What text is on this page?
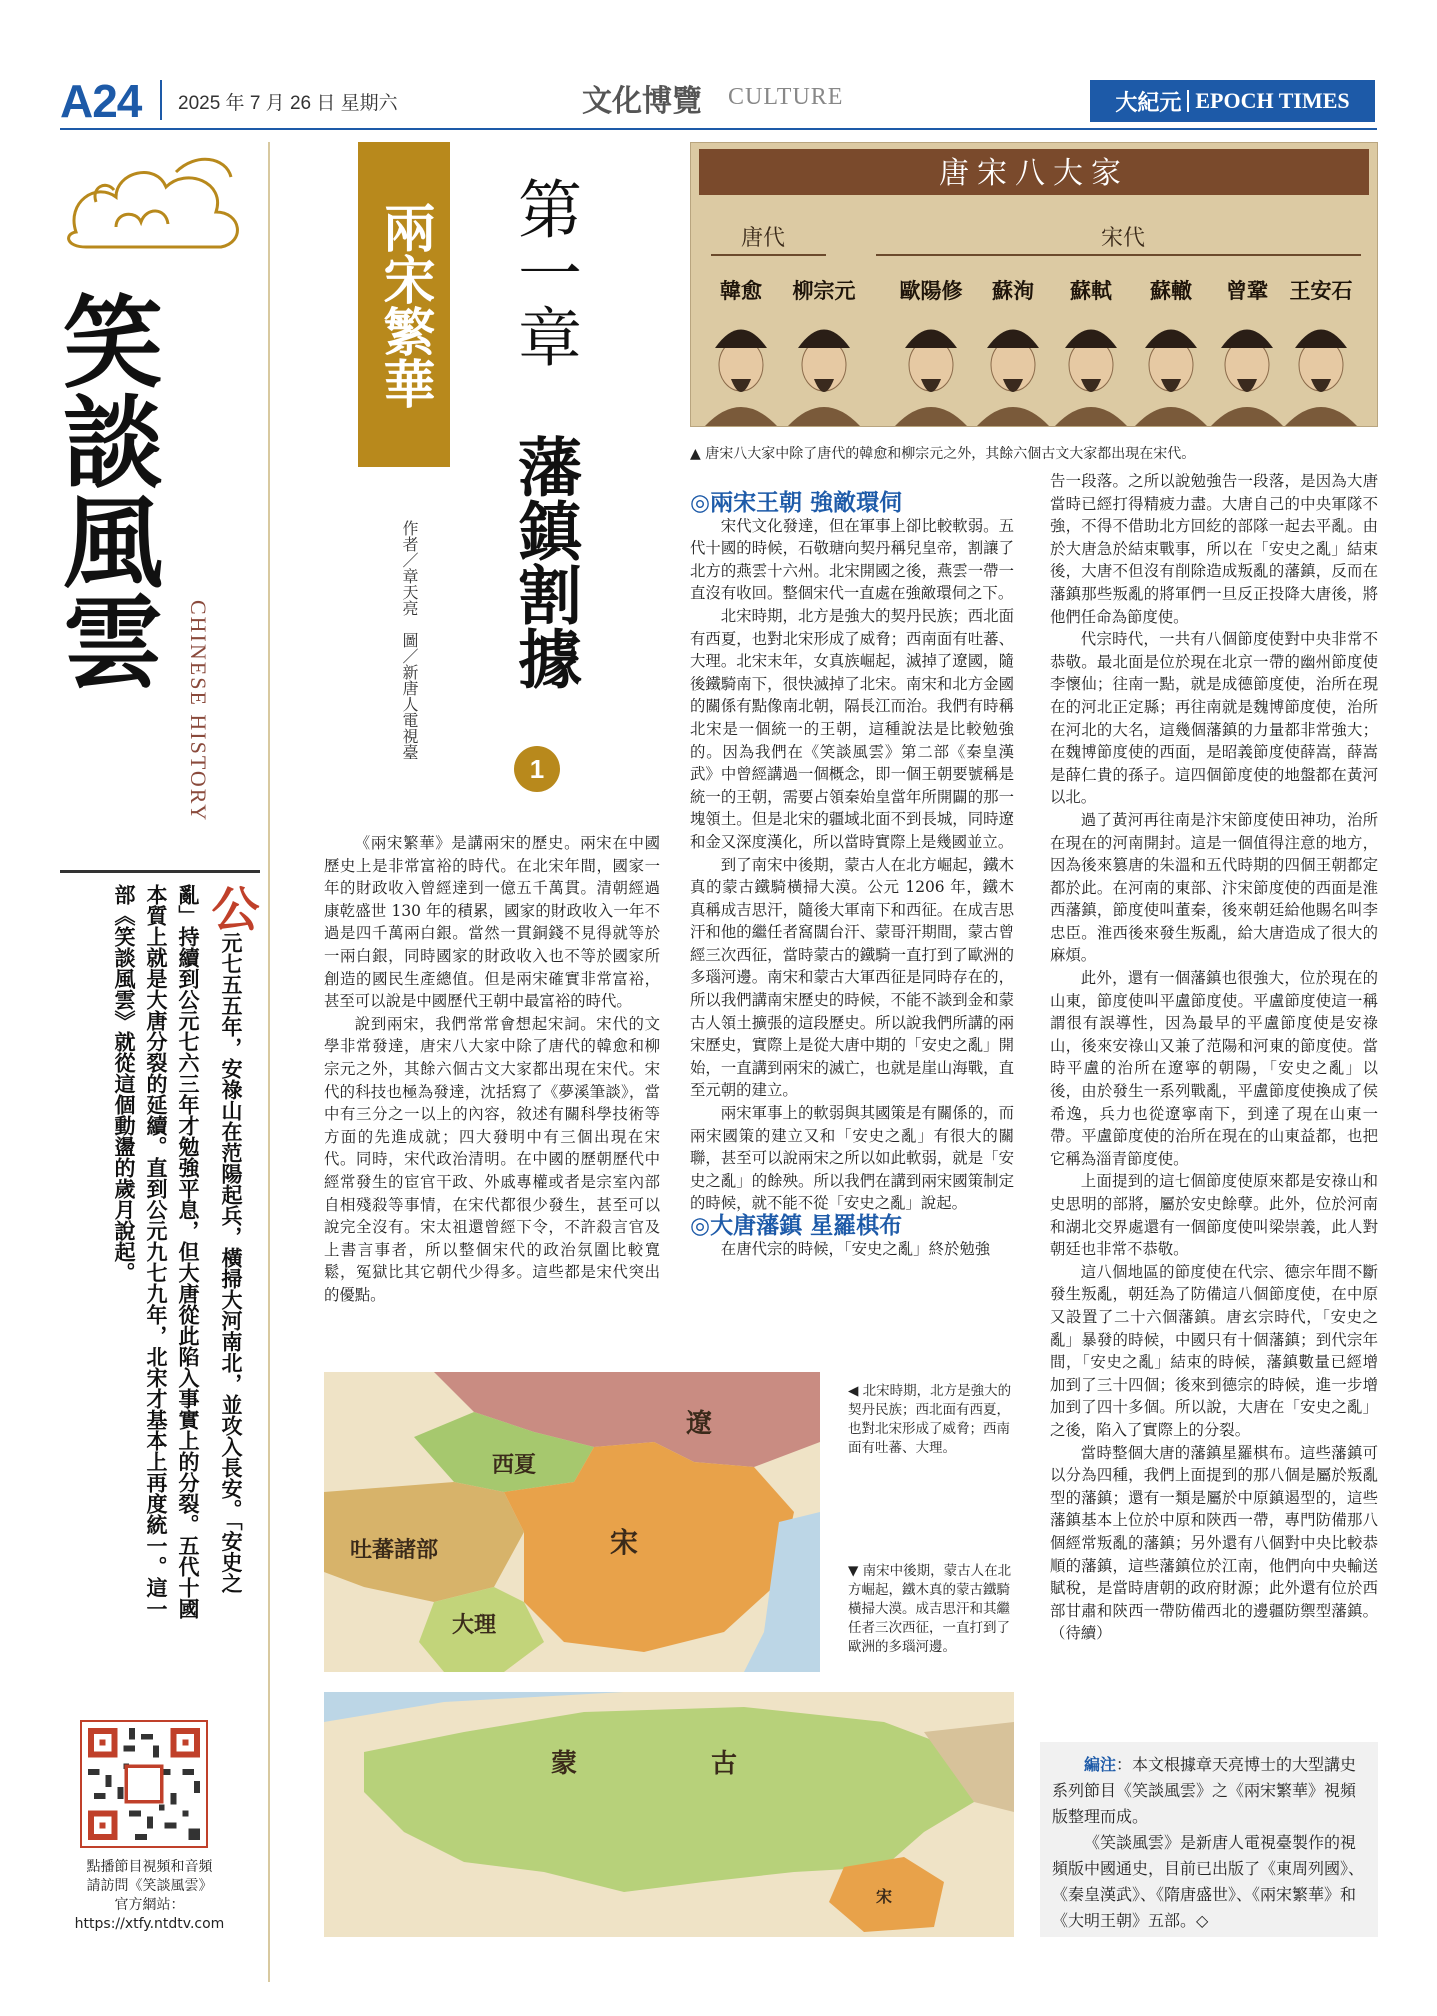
A24 2025 年 7 月 26 日 星期六	文化博覽 CULTURE	大紀元 EPOCH TIMES
笑談風雲
CHINESE HISTORY
公元七五五年，安祿山在范陽起兵，橫掃大河南北，並攻入長安。「安史之亂」持續到公元七六三年才勉強平息，但大唐從此陷入事實上的分裂。五代十國本質上就是大唐分裂的延續。直到公元九七九年，北宋才基本上再度統一。這一部《笑談風雲》就從這個動盪的歲月說起。
點播節目視頻和音頻
請訪問《笑談風雲》
官方網站：
https://xtfy.ntdtv.com
兩宋繁華 第一章
藩鎮割據
1
作者／章天亮　圖／新唐人電視臺
唐宋八大家
唐代	宋代
韓愈 柳宗元 歐陽修 蘇洵 蘇軾 蘇轍 曾鞏 王安石
▲ 唐宋八大家中除了唐代的韓愈和柳宗元之外，其餘六個古文大家都出現在宋代。

《兩宋繁華》是講兩宋的歷史。兩宋在中國歷史上是非常富裕的時代。在北宋年間，國家一年的財政收入曾經達到一億五千萬貫。清朝經過康乾盛世 130 年的積累，國家的財政收入一年不過是四千萬兩白銀。當然一貫銅錢不見得就等於一兩白銀，同時國家的財政收入也不等於國家所創造的國民生產總值。但是兩宋確實非常富裕，甚至可以說是中國歷代王朝中最富裕的時代。

說到兩宋，我們常常會想起宋詞。宋代的文學非常發達，唐宋八大家中除了唐代的韓愈和柳宗元之外，其餘六個古文大家都出現在宋代。宋代的科技也極為發達，沈括寫了《夢溪筆談》，當中有三分之一以上的內容，敘述有關科學技術等方面的先進成就；四大發明中有三個出現在宋代。同時，宋代政治清明。在中國的歷朝歷代中經常發生的宦官干政、外戚專權或者是宗室內部自相殘殺等事情，在宋代都很少發生，甚至可以說完全沒有。宋太祖還曾經下令，不許殺言官及上書言事者，所以整個宋代的政治氛圍比較寬鬆，冤獄比其它朝代少得多。這些都是宋代突出的優點。

◎兩宋王朝 強敵環伺

宋代文化發達，但在軍事上卻比較軟弱。五代十國的時候，石敬瑭向契丹稱兒皇帝，割讓了北方的燕雲十六州。北宋開國之後，燕雲一帶一直沒有收回。整個宋代一直處在強敵環伺之下。

北宋時期，北方是強大的契丹民族；西北面有西夏，也對北宋形成了威脅；西南面有吐蕃、大理。北宋末年，女真族崛起，滅掉了遼國，隨後鐵騎南下，很快滅掉了北宋。南宋和北方金國的關係有點像南北朝，隔長江而治。我們有時稱北宋是一個統一的王朝，這種說法是比較勉強的。因為我們在《笑談風雲》第二部《秦皇漢武》中曾經講過一個概念，即一個王朝要號稱是統一的王朝，需要占領秦始皇當年所開闢的那一塊領土。但是北宋的疆域北面不到長城，同時遼和金又深度漢化，所以當時實際上是幾國並立。

到了南宋中後期，蒙古人在北方崛起，鐵木真的蒙古鐵騎橫掃大漠。公元 1206 年，鐵木真稱成吉思汗，隨後大軍南下和西征。在成吉思汗和他的繼任者窩闊台汗、蒙哥汗期間，蒙古曾經三次西征，當時蒙古的鐵騎一直打到了歐洲的多瑙河邊。南宋和蒙古大軍西征是同時存在的，所以我們講南宋歷史的時候，不能不談到金和蒙古人領土擴張的這段歷史。所以說我們所講的兩宋歷史，實際上是從大唐中期的「安史之亂」開始，一直講到兩宋的滅亡，也就是崖山海戰，直至元朝的建立。

兩宋軍事上的軟弱與其國策是有關係的，而兩宋國策的建立又和「安史之亂」有很大的關聯，甚至可以說兩宋之所以如此軟弱，就是「安史之亂」的餘殃。所以我們在講到兩宋國策制定的時候，就不能不從「安史之亂」說起。

◎大唐藩鎮 星羅棋布

在唐代宗的時候，「安史之亂」終於勉強

告一段落。之所以說勉強告一段落，是因為大唐當時已經打得精疲力盡。大唐自己的中央軍隊不強，不得不借助北方回紇的部隊一起去平亂。由於大唐急於結束戰事，所以在「安史之亂」結束後，大唐不但沒有削除造成叛亂的藩鎮，反而在藩鎮那些叛亂的將軍們一旦反正投降大唐後，將他們任命為節度使。

代宗時代，一共有八個節度使對中央非常不恭敬。最北面是位於現在北京一帶的幽州節度使李懷仙；往南一點，就是成德節度使，治所在現在的河北正定縣；再往南就是魏博節度使，治所在河北的大名，這幾個藩鎮的力量都非常強大；在魏博節度使的西面，是昭義節度使薛嵩，薛嵩是薛仁貴的孫子。這四個節度使的地盤都在黃河以北。

過了黃河再往南是汴宋節度使田神功，治所在現在的河南開封。這是一個值得注意的地方，因為後來篡唐的朱溫和五代時期的四個王朝都定都於此。在河南的東部、汴宋節度使的西面是淮西藩鎮，節度使叫董秦，後來朝廷給他賜名叫李忠臣。淮西後來發生叛亂，給大唐造成了很大的麻煩。

此外，還有一個藩鎮也很強大，位於現在的山東，節度使叫平盧節度使。平盧節度使這一稱謂很有誤導性，因為最早的平盧節度使是安祿山，後來安祿山又兼了范陽和河東的節度使。當時平盧的治所在遼寧的朝陽，「安史之亂」以後，由於發生一系列戰亂，平盧節度使換成了侯希逸，兵力也從遼寧南下，到達了現在山東一帶。平盧節度使的治所在現在的山東益都，也把它稱為淄青節度使。

上面提到的這七個節度使原來都是安祿山和史思明的部將，屬於安史餘孽。此外，位於河南和湖北交界處還有一個節度使叫梁崇義，此人對朝廷也非常不恭敬。

這八個地區的節度使在代宗、德宗年間不斷發生叛亂，朝廷為了防備這八個節度使，在中原又設置了二十六個藩鎮。唐玄宗時代，「安史之亂」暴發的時候，中國只有十個藩鎮；到代宗年間，「安史之亂」結束的時候，藩鎮數量已經增加到了三十四個；後來到德宗的時候，進一步增加到了四十多個。所以說，大唐在「安史之亂」之後，陷入了實際上的分裂。

當時整個大唐的藩鎮星羅棋布。這些藩鎮可以分為四種，我們上面提到的那八個是屬於叛亂型的藩鎮；還有一類是屬於中原鎮遏型的，這些藩鎮基本上位於中原和陝西一帶，專門防備那八個經常叛亂的藩鎮；另外還有八個對中央比較恭順的藩鎮，這些藩鎮位於江南，他們向中央輸送賦稅，是當時唐朝的政府財源；此外還有位於西部甘肅和陝西一帶防備西北的邊疆防禦型藩鎮。（待續）

遼
西夏
吐蕃諸部	宋
大理
◀ 北宋時期，北方是強大的契丹民族；西北面有西夏，也對北宋形成了威脅；西南面有吐蕃、大理。
▼ 南宋中後期，蒙古人在北方崛起，鐵木真的蒙古鐵騎橫掃大漠。成吉思汗和其繼任者三次西征，一直打到了歐洲的多瑙河邊。
蒙	古
宋

編注：本文根據章天亮博士的大型講史系列節目《笑談風雲》之《兩宋繁華》視頻版整理而成。

《笑談風雲》是新唐人電視臺製作的視頻版中國通史，目前已出版了《東周列國》、《秦皇漢武》、《隋唐盛世》、《兩宋繁華》和《大明王朝》五部。◇
